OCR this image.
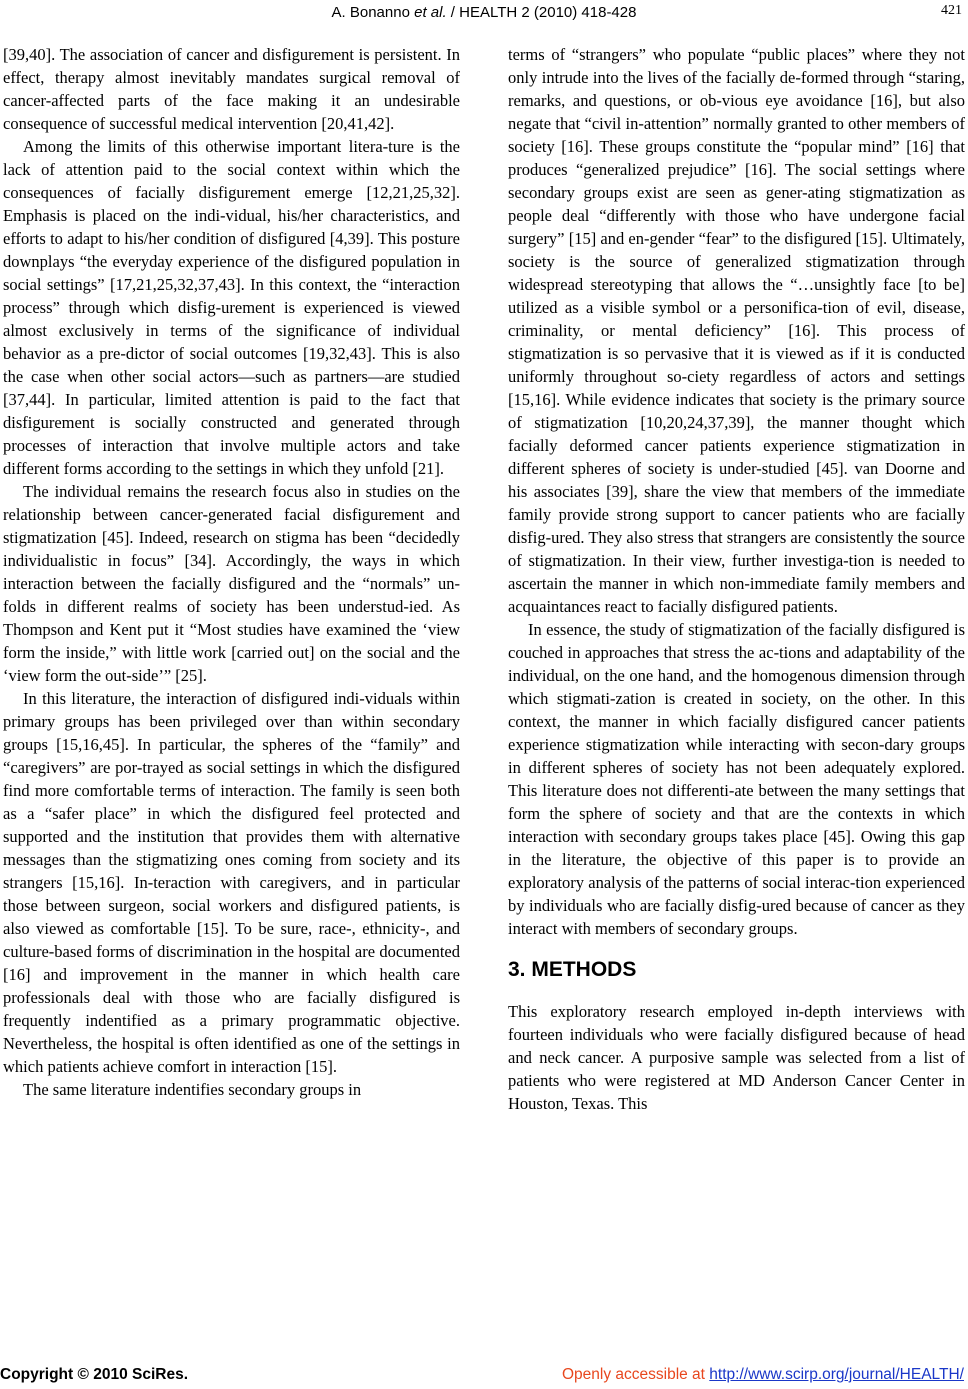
A. Bonanno et al. / HEALTH 2 (2010) 418-428	421

[39,40]. The association of cancer and disfigurement is persistent. In effect, therapy almost inevitably mandates surgical removal of cancer-affected parts of the face making it an undesirable consequence of successful medical intervention [20,41,42].

Among the limits of this otherwise important litera-ture is the lack of attention paid to the social context within which the consequences of facially disfigurement emerge [12,21,25,32]. Emphasis is placed on the indi-vidual, his/her characteristics, and efforts to adapt to his/her condition of disfigured [4,39]. This posture downplays “the everyday experience of the disfigured population in social settings” [17,21,25,32,37,43]. In this context, the “interaction process” through which disfig-urement is experienced is viewed almost exclusively in terms of the significance of individual behavior as a pre-dictor of social outcomes [19,32,43]. This is also the case when other social actors—such as partners—are studied [37,44]. In particular, limited attention is paid to the fact that disfigurement is socially constructed and generated through processes of interaction that involve multiple actors and take different forms according to the settings in which they unfold [21].

The individual remains the research focus also in studies on the relationship between cancer-generated facial disfigurement and stigmatization [45]. Indeed, research on stigma has been “decidedly individualistic in focus” [34]. Accordingly, the ways in which interaction between the facially disfigured and the “normals” un-folds in different realms of society has been understud-ied. As Thompson and Kent put it “Most studies have examined the ‘view form the inside,” with little work [carried out] on the social and the ‘view form the out-side’” [25].

In this literature, the interaction of disfigured indi-viduals within primary groups has been privileged over than within secondary groups [15,16,45]. In particular, the spheres of the “family” and “caregivers” are por-trayed as social settings in which the disfigured find more comfortable terms of interaction. The family is seen both as a “safer place” in which the disfigured feel protected and supported and the institution that provides them with alternative messages than the stigmatizing ones coming from society and its strangers [15,16]. In-teraction with caregivers, and in particular those between surgeon, social workers and disfigured patients, is also viewed as comfortable [15]. To be sure, race-, ethnicity-, and culture-based forms of discrimination in the hospital are documented [16] and improvement in the manner in which health care professionals deal with those who are facially disfigured is frequently indentified as a primary programmatic objective. Nevertheless, the hospital is often identified as one of the settings in which patients achieve comfort in interaction [15].

The same literature indentifies secondary groups in

terms of “strangers” who populate “public places” where they not only intrude into the lives of the facially de-formed through “staring, remarks, and questions, or ob-vious eye avoidance [16], but also negate that “civil in-attention” normally granted to other members of society [16]. These groups constitute the “popular mind” [16] that produces “generalized prejudice” [16]. The social settings where secondary groups exist are seen as gener-ating stigmatization as people deal “differently with those who have undergone facial surgery” [15] and en-gender “fear” to the disfigured [15]. Ultimately, society is the source of generalized stigmatization through widespread stereotyping that allows the “…unsightly face [to be] utilized as a visible symbol or a personifica-tion of evil, disease, criminality, or mental deficiency” [16]. This process of stigmatization is so pervasive that it is viewed as if it is conducted uniformly throughout so-ciety regardless of actors and settings [15,16]. While evidence indicates that society is the primary source of stigmatization [10,20,24,37,39], the manner thought which facially deformed cancer patients experience stigmatization in different spheres of society is under-studied [45]. van Doorne and his associates [39], share the view that members of the immediate family provide strong support to cancer patients who are facially disfig-ured. They also stress that strangers are consistently the source of stigmatization. In their view, further investiga-tion is needed to ascertain the manner in which non-immediate family members and acquaintances react to facially disfigured patients.

In essence, the study of stigmatization of the facially disfigured is couched in approaches that stress the ac-tions and adaptability of the individual, on the one hand, and the homogenous dimension through which stigmati-zation is created in society, on the other. In this context, the manner in which facially disfigured cancer patients experience stigmatization while interacting with secon-dary groups in different spheres of society has not been adequately explored. This literature does not differenti-ate between the many settings that form the sphere of society and that are the contexts in which interaction with secondary groups takes place [45]. Owing this gap in the literature, the objective of this paper is to provide an exploratory analysis of the patterns of social interac-tion experienced by individuals who are facially disfig-ured because of cancer as they interact with members of secondary groups.

3. METHODS

This exploratory research employed in-depth interviews with fourteen individuals who were facially disfigured because of head and neck cancer. A purposive sample was selected from a list of patients who were registered at MD Anderson Cancer Center in Houston, Texas. This

Copyright © 2010 SciRes.	Openly accessible at http://www.scirp.org/journal/HEALTH/
